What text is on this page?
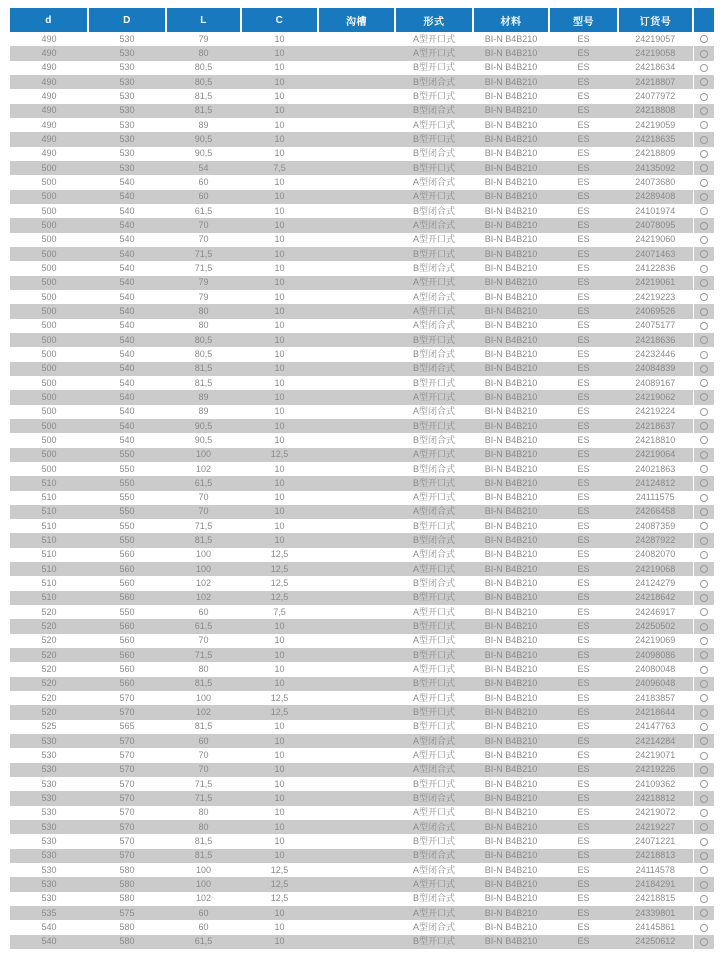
d	D	L	C	沟槽	形式	材料	型号	订货号	
490	530	79	10		A型开口式	BI-N B4B210	ES	24219057	
490	530	80	10		A型开口式	BI-N B4B210	ES	24219058	
490	530	80,5	10		B型开口式	BI-N B4B210	ES	24218634	
490	530	80,5	10		B型闭合式	BI-N B4B210	ES	24218807	
490	530	81,5	10		B型开口式	BI-N B4B210	ES	24077972	
490	530	81,5	10		B型闭合式	BI-N B4B210	ES	24218808	
490	530	89	10		A型开口式	BI-N B4B210	ES	24219059	
490	530	90,5	10		B型开口式	BI-N B4B210	ES	24218635	
490	530	90,5	10		B型闭合式	BI-N B4B210	ES	24218809	
500	530	54	7,5		B型开口式	BI-N B4B210	ES	24135092	
500	540	60	10		A型闭合式	BI-N B4B210	ES	24073680	
500	540	60	10		A型开口式	BI-N B4B210	ES	24289408	
500	540	61,5	10		B型闭合式	BI-N B4B210	ES	24101974	
500	540	70	10		A型闭合式	BI-N B4B210	ES	24078095	
500	540	70	10		A型开口式	BI-N B4B210	ES	24219060	
500	540	71,5	10		B型开口式	BI-N B4B210	ES	24071463	
500	540	71,5	10		B型闭合式	BI-N B4B210	ES	24122836	
500	540	79	10		A型开口式	BI-N B4B210	ES	24219061	
500	540	79	10		A型闭合式	BI-N B4B210	ES	24219223	
500	540	80	10		A型开口式	BI-N B4B210	ES	24069526	
500	540	80	10		A型闭合式	BI-N B4B210	ES	24075177	
500	540	80,5	10		B型开口式	BI-N B4B210	ES	24218636	
500	540	80,5	10		B型闭合式	BI-N B4B210	ES	24232446	
500	540	81,5	10		B型闭合式	BI-N B4B210	ES	24084839	
500	540	81,5	10		B型开口式	BI-N B4B210	ES	24089167	
500	540	89	10		A型开口式	BI-N B4B210	ES	24219062	
500	540	89	10		A型闭合式	BI-N B4B210	ES	24219224	
500	540	90,5	10		B型开口式	BI-N B4B210	ES	24218637	
500	540	90,5	10		B型闭合式	BI-N B4B210	ES	24218810	
500	550	100	12,5		A型开口式	BI-N B4B210	ES	24219064	
500	550	102	10		B型闭合式	BI-N B4B210	ES	24021863	
510	550	61,5	10		B型开口式	BI-N B4B210	ES	24124812	
510	550	70	10		A型开口式	BI-N B4B210	ES	24111575	
510	550	70	10		A型闭合式	BI-N B4B210	ES	24266458	
510	550	71,5	10		B型开口式	BI-N B4B210	ES	24087359	
510	550	81,5	10		B型闭合式	BI-N B4B210	ES	24287922	
510	560	100	12,5		A型闭合式	BI-N B4B210	ES	24082070	
510	560	100	12,5		A型开口式	BI-N B4B210	ES	24219068	
510	560	102	12,5		B型闭合式	BI-N B4B210	ES	24124279	
510	560	102	12,5		B型开口式	BI-N B4B210	ES	24218642	
520	550	60	7,5		A型开口式	BI-N B4B210	ES	24246917	
520	560	61,5	10		B型开口式	BI-N B4B210	ES	24250502	
520	560	70	10		A型开口式	BI-N B4B210	ES	24219069	
520	560	71,5	10		B型开口式	BI-N B4B210	ES	24098086	
520	560	80	10		A型开口式	BI-N B4B210	ES	24080048	
520	560	81,5	10		B型开口式	BI-N B4B210	ES	24096048	
520	570	100	12,5		A型开口式	BI-N B4B210	ES	24183857	
520	570	102	12,5		B型开口式	BI-N B4B210	ES	24218644	
525	565	81,5	10		B型开口式	BI-N B4B210	ES	24147763	
530	570	60	10		A型闭合式	BI-N B4B210	ES	24214284	
530	570	70	10		A型开口式	BI-N B4B210	ES	24219071	
530	570	70	10		A型闭合式	BI-N B4B210	ES	24219226	
530	570	71,5	10		B型开口式	BI-N B4B210	ES	24109362	
530	570	71,5	10		B型闭合式	BI-N B4B210	ES	24218812	
530	570	80	10		A型开口式	BI-N B4B210	ES	24219072	
530	570	80	10		A型闭合式	BI-N B4B210	ES	24219227	
530	570	81,5	10		B型开口式	BI-N B4B210	ES	24071221	
530	570	81,5	10		B型闭合式	BI-N B4B210	ES	24218813	
530	580	100	12,5		A型闭合式	BI-N B4B210	ES	24114578	
530	580	100	12,5		A型开口式	BI-N B4B210	ES	24184291	
530	580	102	12,5		B型闭合式	BI-N B4B210	ES	24218815	
535	575	60	10		A型开口式	BI-N B4B210	ES	24339801	
540	580	60	10		A型闭合式	BI-N B4B210	ES	24145861	
540	580	61,5	10		B型开口式	BI-N B4B210	ES	24250612	
